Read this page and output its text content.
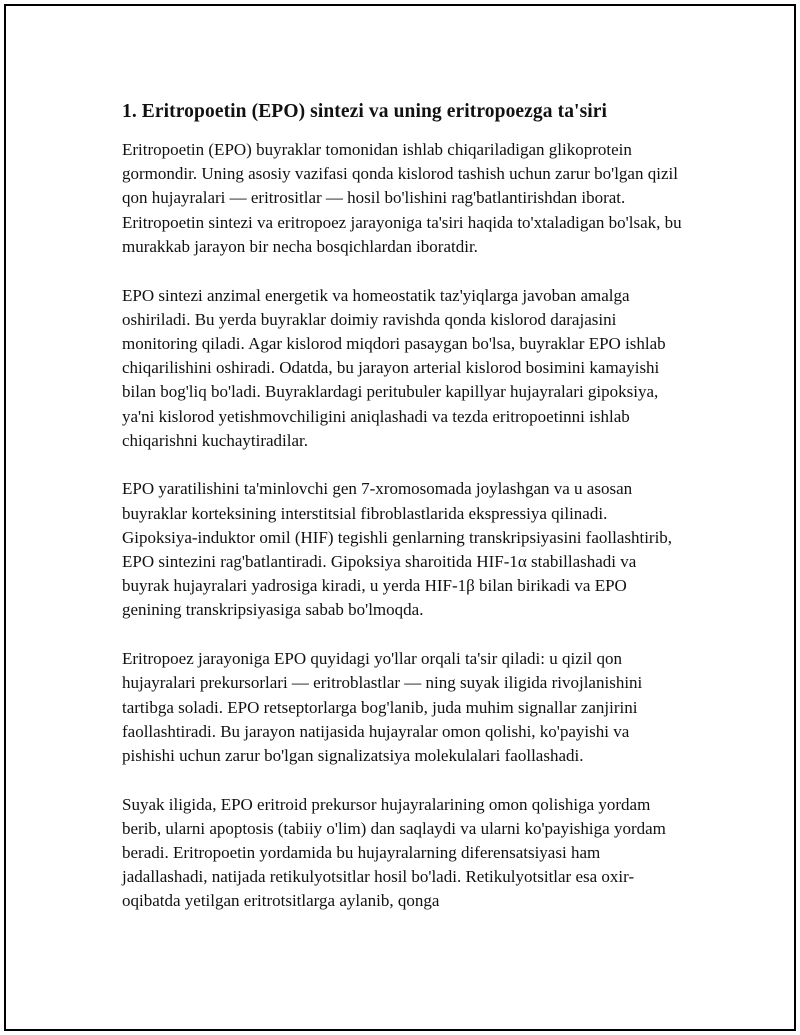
1. Eritropoetin (EPO) sintezi va uning eritropoezga ta'siri

Eritropoetin (EPO) buyraklar tomonidan ishlab chiqariladigan glikoprotein gormondir. Uning asosiy vazifasi qonda kislorod tashish uchun zarur bo'lgan qizil qon hujayralari — eritrositlar — hosil bo'lishini rag'batlantirishdan iborat. Eritropoetin sintezi va eritropoez jarayoniga ta'siri haqida to'xtaladigan bo'lsak, bu murakkab jarayon bir necha bosqichlardan iboratdir.

EPO sintezi anzimal energetik va homeostatik taz'yiqlarga javoban amalga oshiriladi. Bu yerda buyraklar doimiy ravishda qonda kislorod darajasini monitoring qiladi. Agar kislorod miqdori pasaygan bo'lsa, buyraklar EPO ishlab chiqarilishini oshiradi. Odatda, bu jarayon arterial kislorod bosimini kamayishi bilan bog'liq bo'ladi. Buyraklardagi peritubuler kapillyar hujayralari gipoksiya, ya'ni kislorod yetishmovchiligini aniqlashadi va tezda eritropoetinni ishlab chiqarishni kuchaytiradilar.

EPO yaratilishini ta'minlovchi gen 7-xromosomada joylashgan va u asosan buyraklar korteksining interstitsial fibroblastlarida ekspressiya qilinadi. Gipoksiya-induktor omil (HIF) tegishli genlarning transkripsiyasini faollashtirib, EPO sintezini rag'batlantiradi. Gipoksiya sharoitida HIF-1α stabillashadi va buyrak hujayralari yadrosiga kiradi, u yerda HIF-1β bilan birikadi va EPO genining transkripsiyasiga sabab bo'lmoqda.

Eritropoez jarayoniga EPO quyidagi yo'llar orqali ta'sir qiladi: u qizil qon hujayralari prekursorlari — eritroblastlar — ning suyak iligida rivojlanishini tartibga soladi. EPO retseptorlarga bog'lanib, juda muhim signallar zanjirini faollashtiradi. Bu jarayon natijasida hujayralar omon qolishi, ko'payishi va pishishi uchun zarur bo'lgan signalizatsiya molekulalari faollashadi.

Suyak iligida, EPO eritroid prekursor hujayralarining omon qolishiga yordam berib, ularni apoptosis (tabiiy o'lim) dan saqlaydi va ularni ko'payishiga yordam beradi. Eritropoetin yordamida bu hujayralarning diferensatsiyasi ham jadallashadi, natijada retikulyotsitlar hosil bo'ladi. Retikulyotsitlar esa oxir-oqibatda yetilgan eritrotsitlarga aylanib, qonga
